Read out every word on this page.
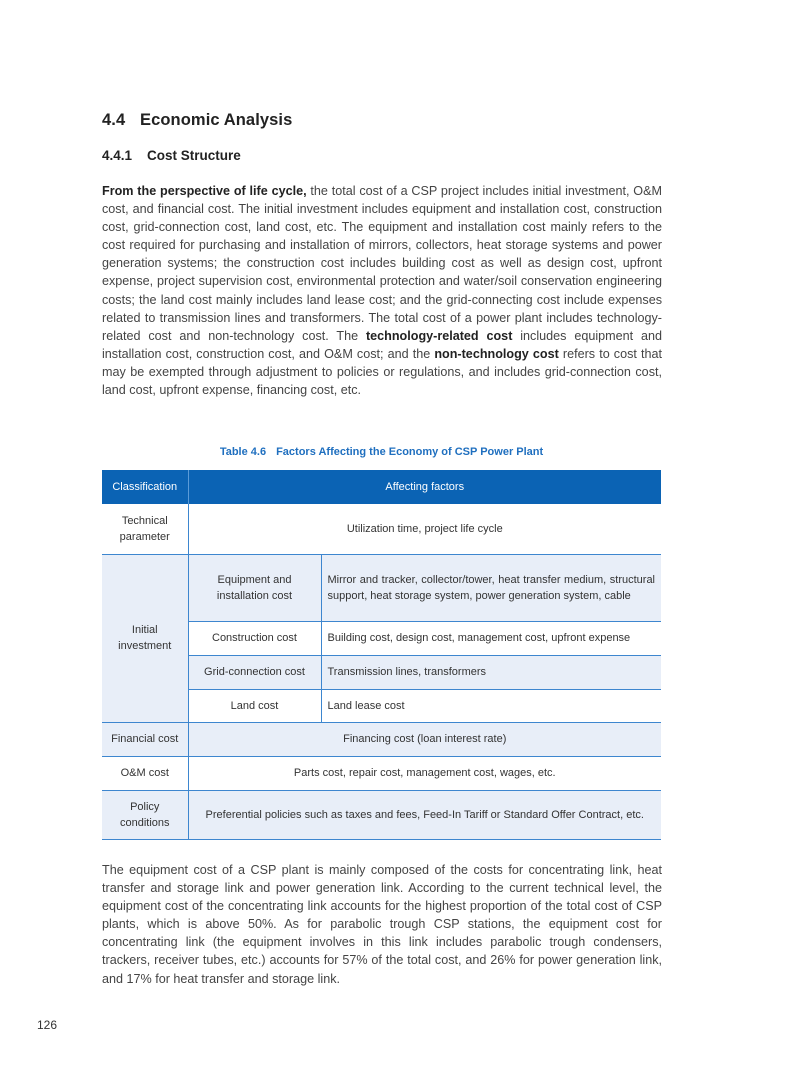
4.4 Economic Analysis
4.4.1 Cost Structure
From the perspective of life cycle, the total cost of a CSP project includes initial investment, O&M cost, and financial cost. The initial investment includes equipment and installation cost, construction cost, grid-connection cost, land cost, etc. The equipment and installation cost mainly refers to the cost required for purchasing and installation of mirrors, collectors, heat storage systems and power generation systems; the construction cost includes building cost as well as design cost, upfront expense, project supervision cost, environmental protection and water/soil conservation engineering costs; the land cost mainly includes land lease cost; and the grid-connecting cost include expenses related to transmission lines and transformers. The total cost of a power plant includes technology-related cost and non-technology cost. The technology-related cost includes equipment and installation cost, construction cost, and O&M cost; and the non-technology cost refers to cost that may be exempted through adjustment to policies or regulations, and includes grid-connection cost, land cost, upfront expense, financing cost, etc.
Table 4.6 Factors Affecting the Economy of CSP Power Plant
Classification	Affecting factors	
Technical parameter	Utilization time, project life cycle	
Initial investment	Equipment and installation cost	Mirror and tracker, collector/tower, heat transfer medium, structural support, heat storage system, power generation system, cable
	Construction cost	Building cost, design cost, management cost, upfront expense
	Grid-connection cost	Transmission lines, transformers
	Land cost	Land lease cost
Financial cost	Financing cost (loan interest rate)	
O&M cost	Parts cost, repair cost, management cost, wages, etc.	
Policy conditions	Preferential policies such as taxes and fees, Feed-In Tariff or Standard Offer Contract, etc.	
The equipment cost of a CSP plant is mainly composed of the costs for concentrating link, heat transfer and storage link and power generation link. According to the current technical level, the equipment cost of the concentrating link accounts for the highest proportion of the total cost of CSP plants, which is above 50%. As for parabolic trough CSP stations, the equipment cost for concentrating link (the equipment involves in this link includes parabolic trough condensers, trackers, receiver tubes, etc.) accounts for 57% of the total cost, and 26% for power generation link, and 17% for heat transfer and storage link.
126
